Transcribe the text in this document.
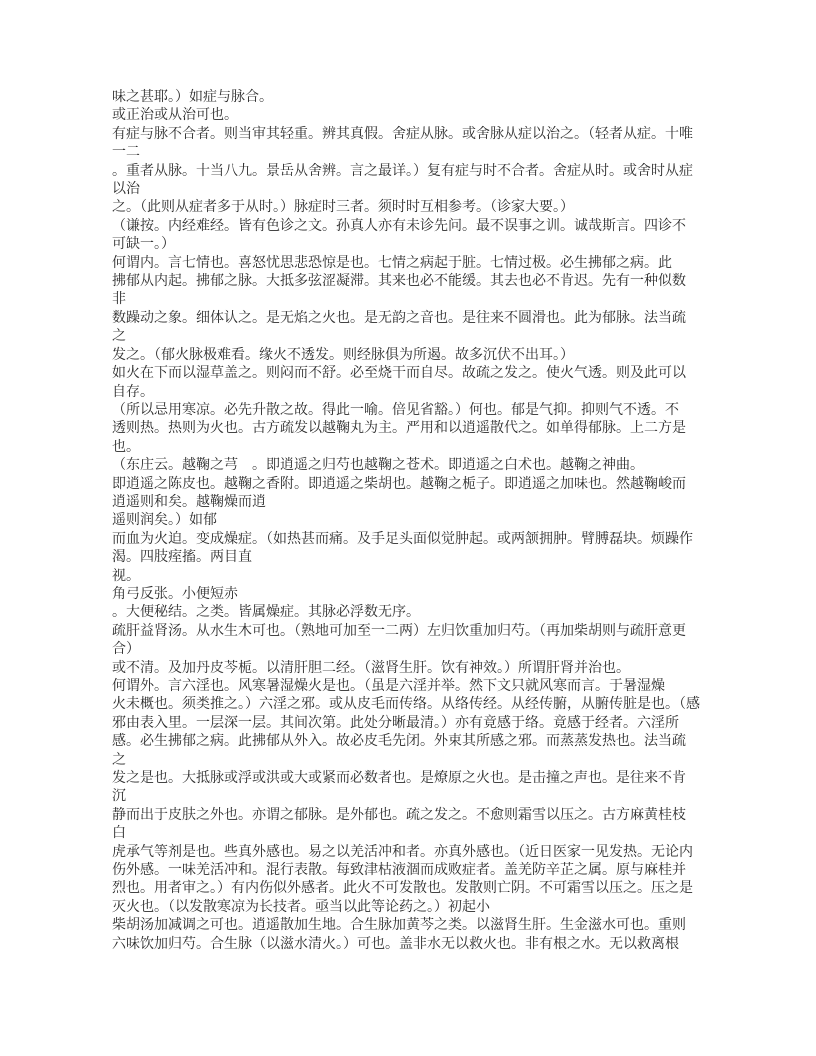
味之甚耶。）如症与脉合。
或正治或从治可也。
有症与脉不合者。则当审其轻重。辨其真假。舍症从脉。或舍脉从症以治之。（轻者从症。十唯
一二
。重者从脉。十当八九。景岳从舍辨。言之最详。）复有症与时不合者。舍症从时。或舍时从症
以治
之。（此则从症者多于从时。）脉症时三者。须时时互相参考。（诊家大要。）
（谦按。内经难经。皆有色诊之文。孙真人亦有未诊先问。最不误事之训。诚哉斯言。四诊不
可缺一。）
何谓内。言七情也。喜怒忧思悲恐惊是也。七情之病起于脏。七情过极。必生拂郁之病。此
拂郁从内起。拂郁之脉。大抵多弦涩凝滞。其来也必不能缓。其去也必不肯迟。先有一种似数
非
数躁动之象。细体认之。是无焰之火也。是无韵之音也。是往来不圆滑也。此为郁脉。法当疏
之
发之。（郁火脉极难看。缘火不透发。则经脉俱为所遏。故多沉伏不出耳。）
如火在下而以湿草盖之。则闷而不舒。必至烧干而自尽。故疏之发之。使火气透。则及此可以
自存。
（所以忌用寒凉。必先升散之故。得此一喻。倍见省豁。）何也。郁是气抑。抑则气不透。不
透则热。热则为火也。古方疏发以越鞠丸为主。严用和以逍遥散代之。如单得郁脉。上二方是
也。
（东庄云。越鞠之芎　。即逍遥之归芍也越鞠之苍术。即逍遥之白术也。越鞠之神曲。
即逍遥之陈皮也。越鞠之香附。即逍遥之柴胡也。越鞠之栀子。即逍遥之加味也。然越鞠峻而
逍遥则和矣。越鞠燥而逍
遥则润矣。）如郁
而血为火迫。变成燥症。（如热甚而痛。及手足头面似觉肿起。或两颔拥肿。臂膊磊块。烦躁作
渴。四肢痓搐。两目直
视。
角弓反张。小便短赤
。大便秘结。之类。皆属燥症。其脉必浮数无序。
疏肝益肾汤。从水生木可也。（熟地可加至一二两）左归饮重加归芍。（再加柴胡则与疏肝意更
合）
或不清。及加丹皮芩栀。以清肝胆二经。（滋肾生肝。饮有神效。）所谓肝肾并治也。
何谓外。言六淫也。风寒暑湿燥火是也。（虽是六淫并举。然下文只就风寒而言。于暑湿燥
火未概也。须类推之。）六淫之邪。或从皮毛而传络。从络传经。从经传腑，从腑传脏是也。（感
邪由表入里。一层深一层。其间次第。此处分晰最清。）亦有竟感于络。竟感于经者。六淫所
感。必生拂郁之病。此拂郁从外入。故必皮毛先闭。外束其所感之邪。而蒸蒸发热也。法当疏
之
发之是也。大抵脉或浮或洪或大或紧而必数者也。是燎原之火也。是击撞之声也。是往来不肯
沉
静而出于皮肤之外也。亦谓之郁脉。是外郁也。疏之发之。不愈则霜雪以压之。古方麻黄桂枝
白
虎承气等剂是也。些真外感也。易之以羌活冲和者。亦真外感也。（近日医家一见发热。无论内
伤外感。一味羌活冲和。混行表散。每致津枯液涸而成败症者。盖羌防辛芷之属。原与麻桂并
烈也。用者审之。）有内伤似外感者。此火不可发散也。发散则亡阴。不可霜雪以压之。压之是
灭火也。（以发散寒凉为长技者。亟当以此等论药之。）初起小
柴胡汤加减调之可也。逍遥散加生地。合生脉加黄芩之类。以滋肾生肝。生金滋水可也。重则
六味饮加归芍。合生脉（以滋水清火。）可也。盖非水无以救火也。非有根之水。无以救离根
